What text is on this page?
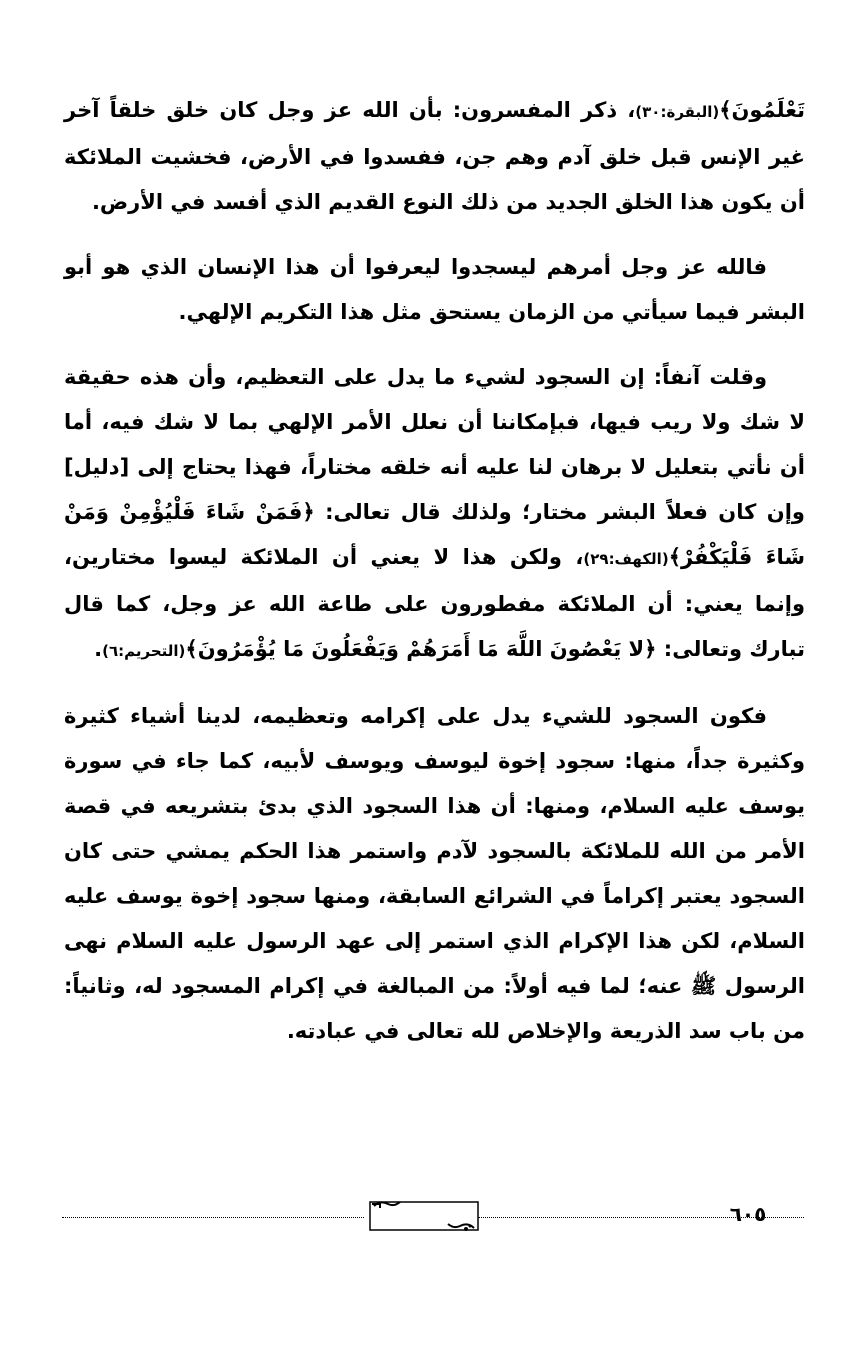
تَعْلَمُونَ﴾(البقرة:٣٠)، ذكر المفسرون: بأن الله عز وجل كان خلق خلقاً آخر غير الإنس قبل خلق آدم وهم جن، ففسدوا في الأرض، فخشيت الملائكة أن يكون هذا الخلق الجديد من ذلك النوع القديم الذي أفسد في الأرض.

فالله عز وجل أمرهم ليسجدوا ليعرفوا أن هذا الإنسان الذي هو أبو البشر فيما سيأتي من الزمان يستحق مثل هذا التكريم الإلهي.

وقلت آنفاً: إن السجود لشيء ما يدل على التعظيم، وأن هذه حقيقة لا شك ولا ريب فيها، فبإمكاننا أن نعلل الأمر الإلهي بما لا شك فيه، أما أن نأتي بتعليل لا برهان لنا عليه أنه خلقه مختاراً، فهذا يحتاج إلى [دليل] وإن كان فعلاً البشر مختار؛ ولذلك قال تعالى: ﴿فَمَنْ شَاءَ فَلْيُؤْمِنْ وَمَنْ شَاءَ فَلْيَكْفُرْ﴾(الكهف:٢٩)، ولكن هذا لا يعني أن الملائكة ليسوا مختارين، وإنما يعني: أن الملائكة مفطورون على طاعة الله عز وجل، كما قال تبارك وتعالى: ﴿لا يَعْصُونَ اللَّهَ مَا أَمَرَهُمْ وَيَفْعَلُونَ مَا يُؤْمَرُونَ﴾(التحريم:٦).

فكون السجود للشيء يدل على إكرامه وتعظيمه، لدينا أشياء كثيرة وكثيرة جداً، منها: سجود إخوة ليوسف ويوسف لأبيه، كما جاء في سورة يوسف عليه السلام، ومنها: أن هذا السجود الذي بدئ بتشريعه في قصة الأمر من الله للملائكة بالسجود لآدم واستمر هذا الحكم يمشي حتى كان السجود يعتبر إكراماً في الشرائع السابقة، ومنها سجود إخوة يوسف عليه السلام، لكن هذا الإكرام الذي استمر إلى عهد الرسول عليه السلام نهى الرسول ﷺ عنه؛ لما فيه أولاً: من المبالغة في إكرام المسجود له، وثانياً: من باب سد الذريعة والإخلاص لله تعالى في عبادته.

٦٠٥
